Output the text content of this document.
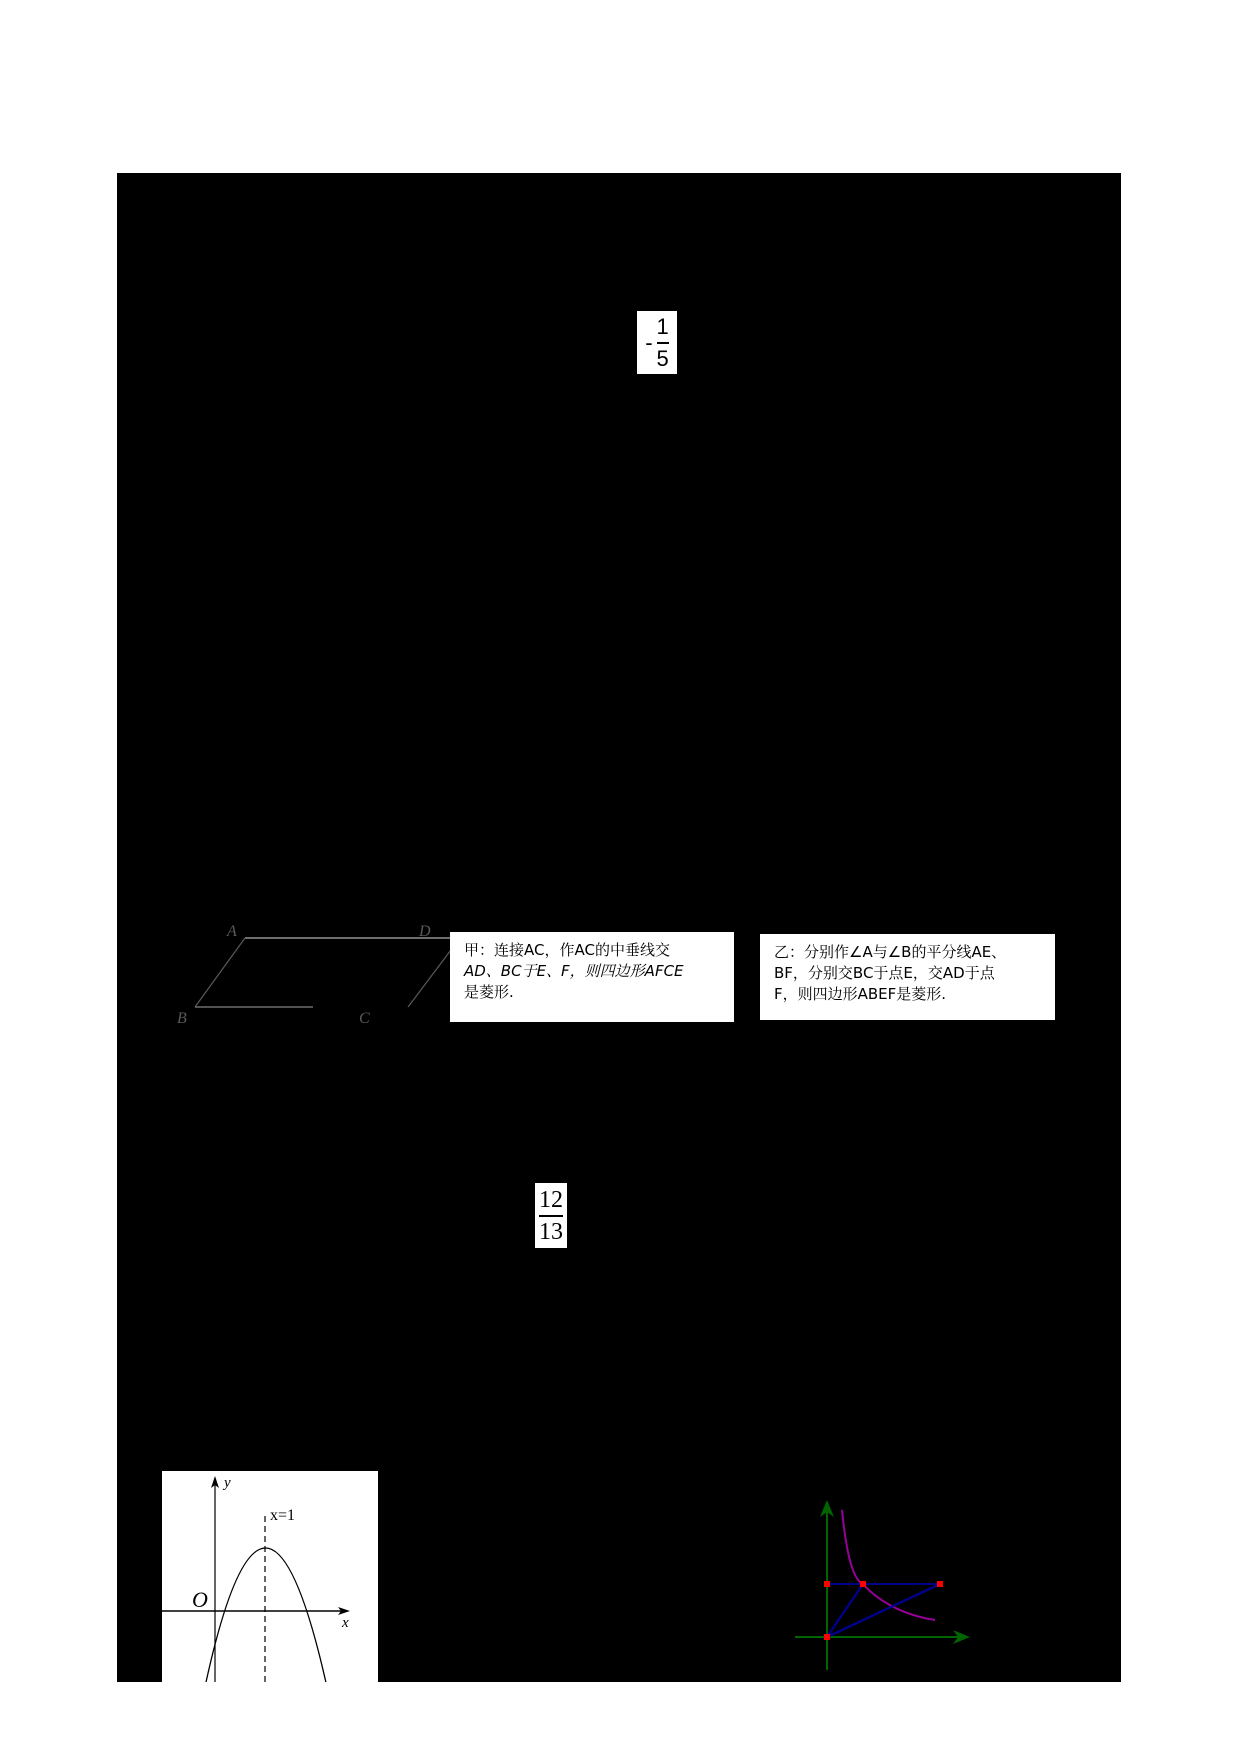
- $\frac{1}{5}$
A	D
B	C
甲：连接AC，作AC的中垂线交
AD、BC于E、F，则四边形AFCE
是菱形.
乙：分别作∠A与∠B的平分线AE、
BF，分别交BC于点E，交AD于点
F，则四边形ABEF是菱形.
$\frac{12}{13}$
y
x
O
x=1
